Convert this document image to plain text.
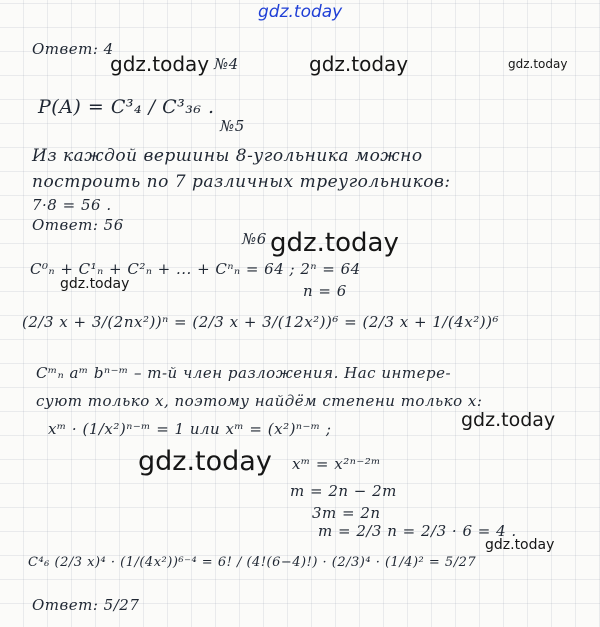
gdz.today
gdz.today	gdz.today	gdz.today
gdz.today
gdz.today
gdz.today
gdz.today
gdz.today
Ответ: 4
№4
P(A) = C³₄ / C³₃₆ .
№5
Из каждой вершины 8-угольника можно
построить по 7 различных треугольников:
7·8 = 56 .
Ответ: 56
№6
C⁰ₙ + C¹ₙ + C²ₙ + ... + Cⁿₙ = 64 ; 2ⁿ = 64
n = 6
(2/3 x + 3/(2nx²))ⁿ = (2/3 x + 3/(12x²))⁶ = (2/3 x + 1/(4x²))⁶
Cᵐₙ aᵐ bⁿ⁻ᵐ – m-й член разложения. Нас интере-
суют только x, поэтому найдём степени только x:
xᵐ · (1/x²)ⁿ⁻ᵐ = 1 или xᵐ = (x²)ⁿ⁻ᵐ ;
xᵐ = x²ⁿ⁻²ᵐ
m = 2n − 2m
3m = 2n
m = 2/3 n = 2/3 · 6 = 4 .
C⁴₆ (2/3 x)⁴ · (1/(4x²))⁶⁻⁴ = 6! / (4!(6−4)!) · (2/3)⁴ · (1/4)² = 5/27
Ответ: 5/27
